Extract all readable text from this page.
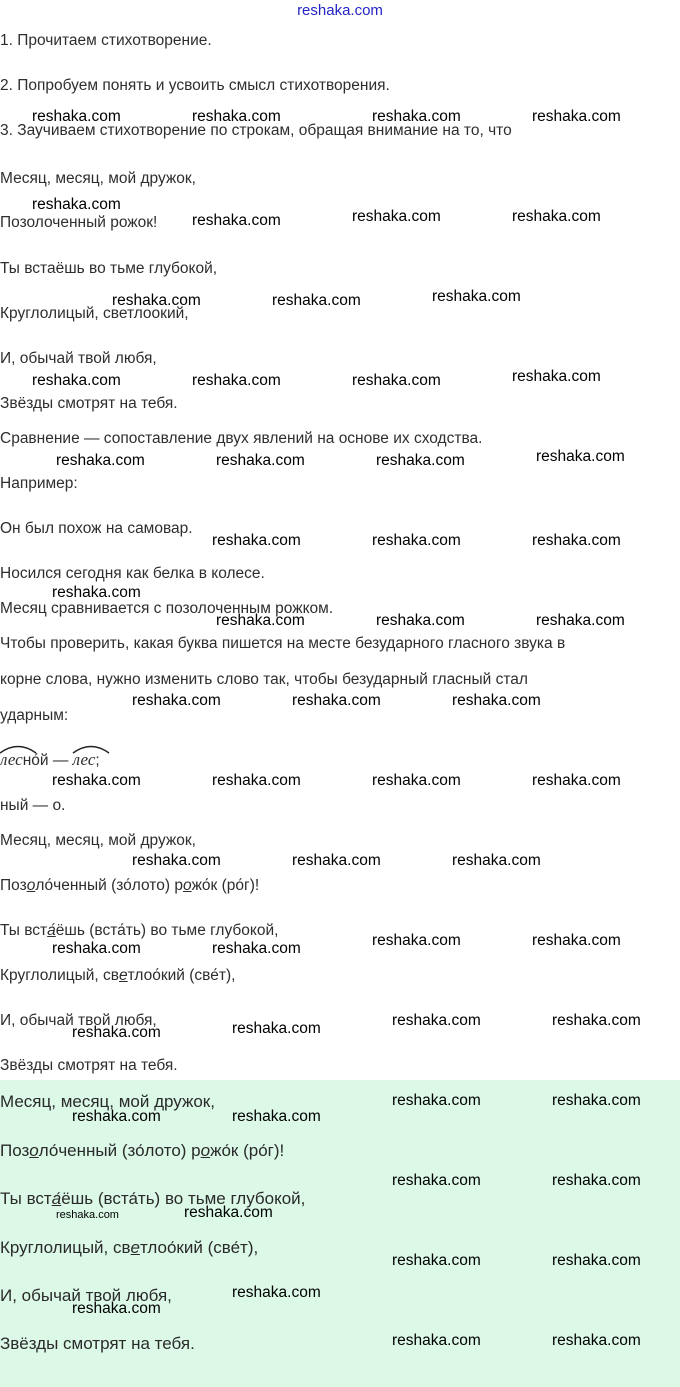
reshaka.com
1. Прочитаем стихотворение.
2. Попробуем понять и усвоить смысл стихотворения.
3. Заучиваем стихотворение по строкам, обращая внимание на то, что
Месяц, месяц, мой дружок,
Позолоченный рожок!
Ты встаёшь во тьме глубокой,
Круглолицый, светлоокий,
И, обычай твой любя,
Звёзды смотрят на тебя.
Сравнение — сопоставление двух явлений на основе их сходства.
Например:
Он был похож на самовар.
Носился сегодня как белка в колесе.
Месяц сравнивается с позолоченным рожком.
Чтобы проверить, какая буква пишется на месте безударного гласного звука в
корне слова, нужно изменить слово так, чтобы безударный гласный стал
ударным:
лесно́й — лес;
ный — о.
Месяц, месяц, мой дружок,
Позоло́ченный (зо́лото) рожо́к (ро́г)!
Ты вста ́ёшь (вста́ть) во тьме глубокой,
Круглолицый, светлоо́кий (све́т),
И, обычай твой любя,
Звёзды смотрят на тебя.
Месяц, месяц, мой дружок,
Позоло́ченный (зо́лото) рожо́к (ро́г)!
Ты вста ́ёшь (вста́ть) во тьме глубокой,
Круглолицый, светлоо́кий (све́т),
И, обычай твой любя,
Звёзды смотрят на тебя.
reshaka.com	reshaka.com	reshaka.com	reshaka.com
reshaka.com
reshaka.com	reshaka.com	reshaka.com
reshaka.com	reshaka.com	reshaka.com
reshaka.com	reshaka.com	reshaka.com	reshaka.com
reshaka.com	reshaka.com	reshaka.com	reshaka.com
reshaka.com	reshaka.com	reshaka.com
reshaka.com
reshaka.com	reshaka.com	reshaka.com
reshaka.com	reshaka.com	reshaka.com
reshaka.com	reshaka.com	reshaka.com	reshaka.com
reshaka.com	reshaka.com	reshaka.com
reshaka.com	reshaka.com	reshaka.com	reshaka.com
reshaka.com	reshaka.com	reshaka.com	reshaka.com
reshaka.com	reshaka.com
reshaka.com	reshaka.com
reshaka.com	reshaka.com
reshaka.com	reshaka.com
reshaka.com	reshaka.com
reshaka.com
reshaka.com
reshaka.com	reshaka.com
